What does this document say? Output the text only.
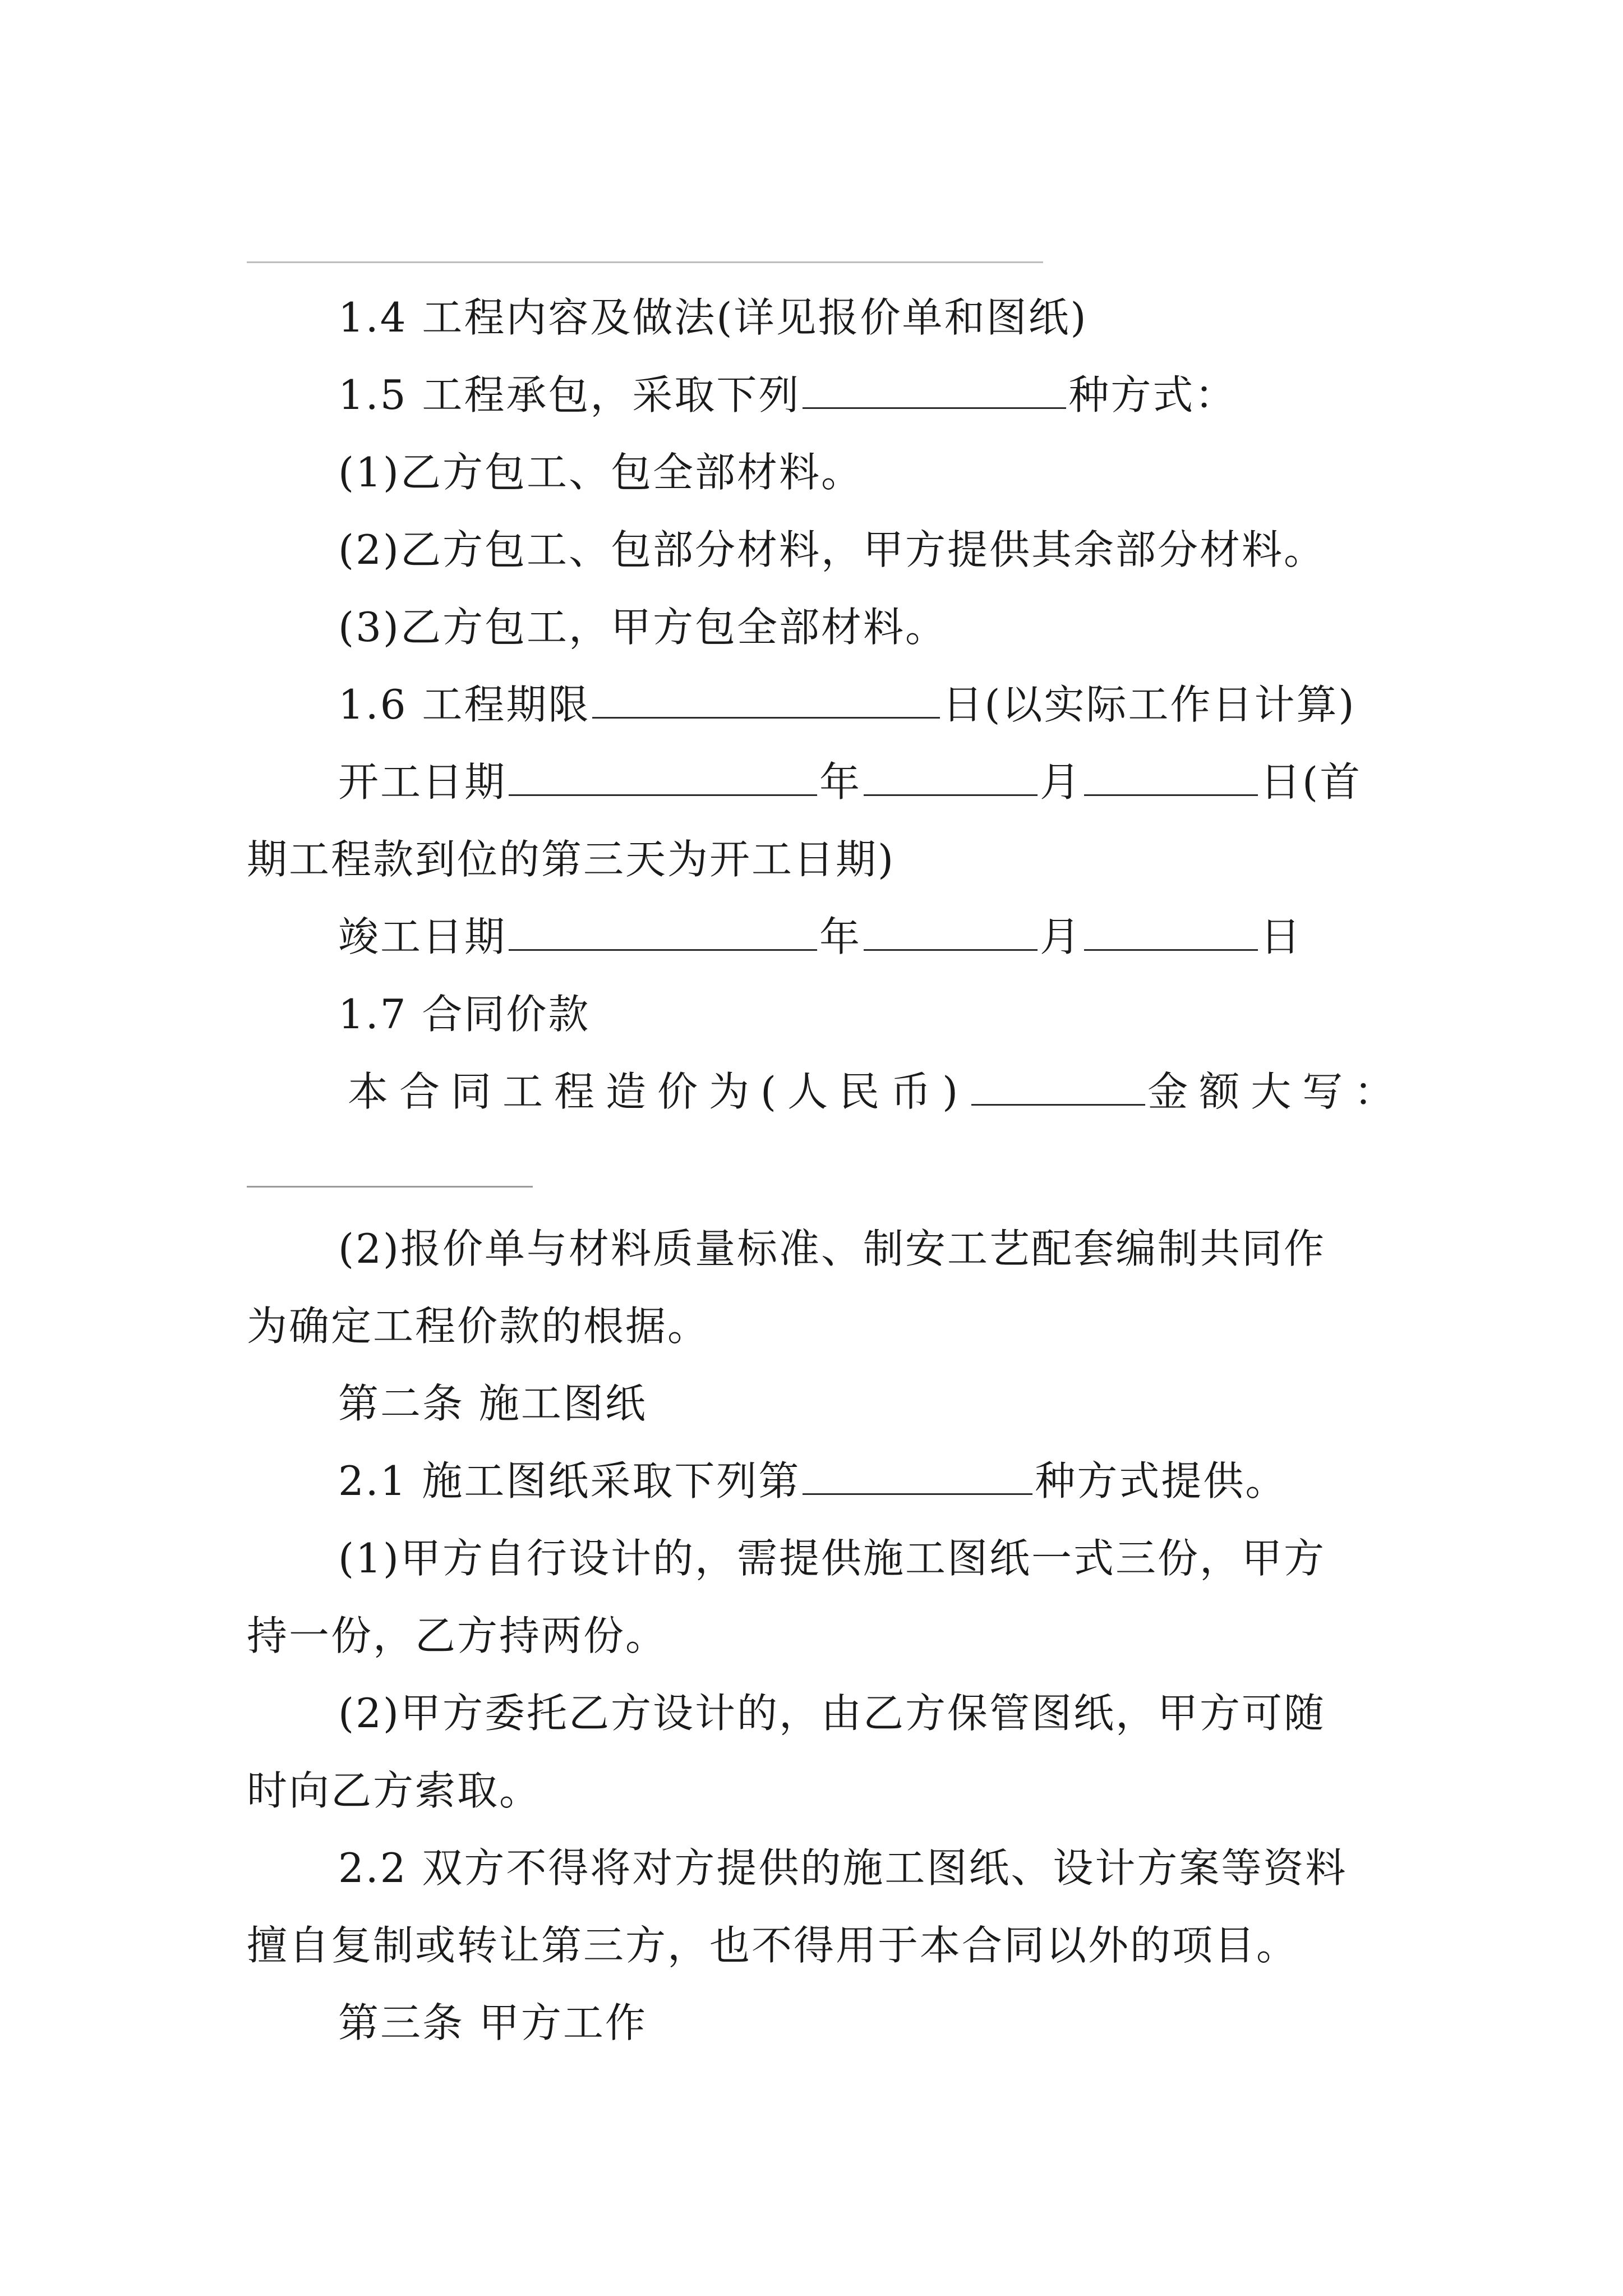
1.4 工程内容及做法(详见报价单和图纸)
1.5 工程承包，采取下列	种方式：
(1)乙方包工、包全部材料。
(2)乙方包工、包部分材料，甲方提供其余部分材料。
(3)乙方包工，甲方包全部材料。
1.6 工程期限	日(以实际工作日计算)
开工日期	年	月	日(首
期工程款到位的第三天为开工日期)
竣工日期	年	月	日
1.7 合同价款
本合同工程造价为(人民币)	金额大写：
(2)报价单与材料质量标准、制安工艺配套编制共同作
为确定工程价款的根据。
第二条 施工图纸
2.1 施工图纸采取下列第	种方式提供。
(1)甲方自行设计的，需提供施工图纸一式三份，甲方
持一份，乙方持两份。
(2)甲方委托乙方设计的，由乙方保管图纸，甲方可随
时向乙方索取。
2.2 双方不得将对方提供的施工图纸、设计方案等资料
擅自复制或转让第三方，也不得用于本合同以外的项目。
第三条 甲方工作
